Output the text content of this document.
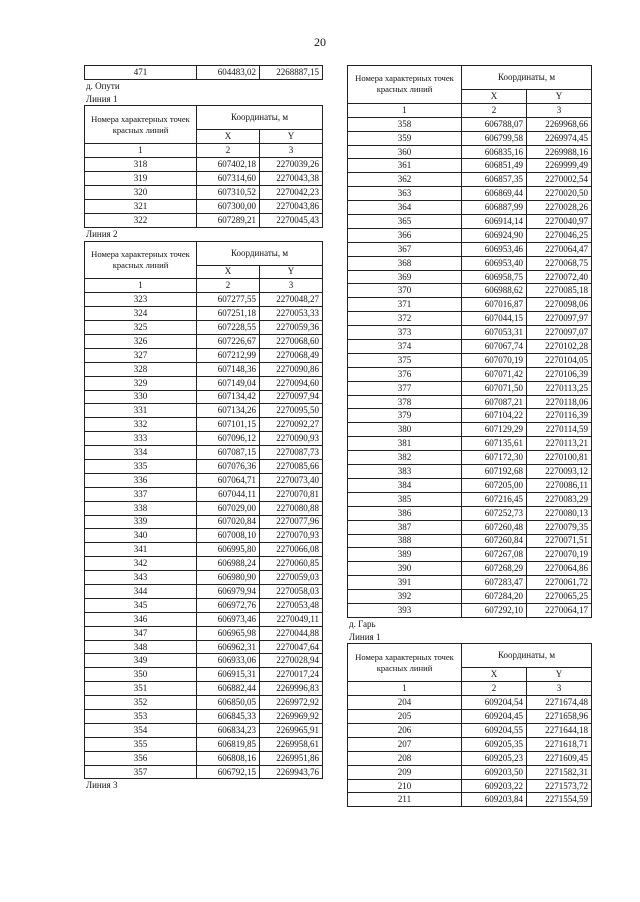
20
471	604483,02	2268887,15
д. Опути
Линия 1
Номера характерных точек красных линий	Координаты, м	
	X	Y
1	2	3
318	607402,18	2270039,26
319	607314,60	2270043,38
320	607310,52	2270042,23
321	607300,00	2270043,86
322	607289,21	2270045,43
Линия 2
Номера характерных точек красных линий	Координаты, м	
	X	Y
1	2	3
323	607277,55	2270048,27
324	607251,18	2270053,33
325	607228,55	2270059,36
326	607226,67	2270068,60
327	607212,99	2270068,49
328	607148,36	2270090,86
329	607149,04	2270094,60
330	607134,42	2270097,94
331	607134,26	2270095,50
332	607101,15	2270092,27
333	607096,12	2270090,93
334	607087,15	2270087,73
335	607076,36	2270085,66
336	607064,71	2270073,40
337	607044,11	2270070,81
338	607029,00	2270080,88
339	607020,84	2270077,96
340	607008,10	2270070,93
341	606995,80	2270066,08
342	606988,24	2270060,85
343	606980,90	2270059,03
344	606979,94	2270058,03
345	606972,76	2270053,48
346	606973,46	2270049,11
347	606965,98	2270044,88
348	606962,31	2270047,64
349	606933,06	2270028,94
350	606915,31	2270017,24
351	606882,44	2269996,83
352	606850,05	2269972,92
353	606845,33	2269969,92
354	606834,23	2269965,91
355	606819,85	2269958,61
356	606808,16	2269951,86
357	606792,15	2269943,76
Линия 3
Номера характерных точек красных линий	Координаты, м	
	X	Y
1	2	3
358	606788,07	2269968,66
359	606799,58	2269974,45
360	606835,16	2269988,16
361	606851,49	2269999,49
362	606857,35	2270002,54
363	606869,44	2270020,50
364	606887,99	2270028,26
365	606914,14	2270040,97
366	606924,90	2270046,25
367	606953,46	2270064,47
368	606953,40	2270068,75
369	606958,75	2270072,40
370	606988,62	2270085,18
371	607016,87	2270098,06
372	607044,15	2270097,97
373	607053,31	2270097,07
374	607067,74	2270102,28
375	607070,19	2270104,05
376	607071,42	2270106,39
377	607071,50	2270113,25
378	607087,21	2270118,06
379	607104,22	2270116,39
380	607129,29	2270114,59
381	607135,61	2270113,21
382	607172,30	2270100,81
383	607192,68	2270093,12
384	607205,00	2270086,11
385	607216,45	2270083,29
386	607252,73	2270080,13
387	607260,48	2270079,35
388	607260,84	2270071,51
389	607267,08	2270070,19
390	607268,29	2270064,86
391	607283,47	2270061,72
392	607284,20	2270065,25
393	607292,10	2270064,17
д. Гарь
Линия 1
Номера характерных точек красных линий	Координаты, м	
	X	Y
1	2	3
204	609204,54	2271674,48
205	609204,45	2271658,96
206	609204,55	2271644,18
207	609205,35	2271618,71
208	609205,23	2271609,45
209	609203,50	2271582,31
210	609203,22	2271573,72
211	609203,84	2271554,59
